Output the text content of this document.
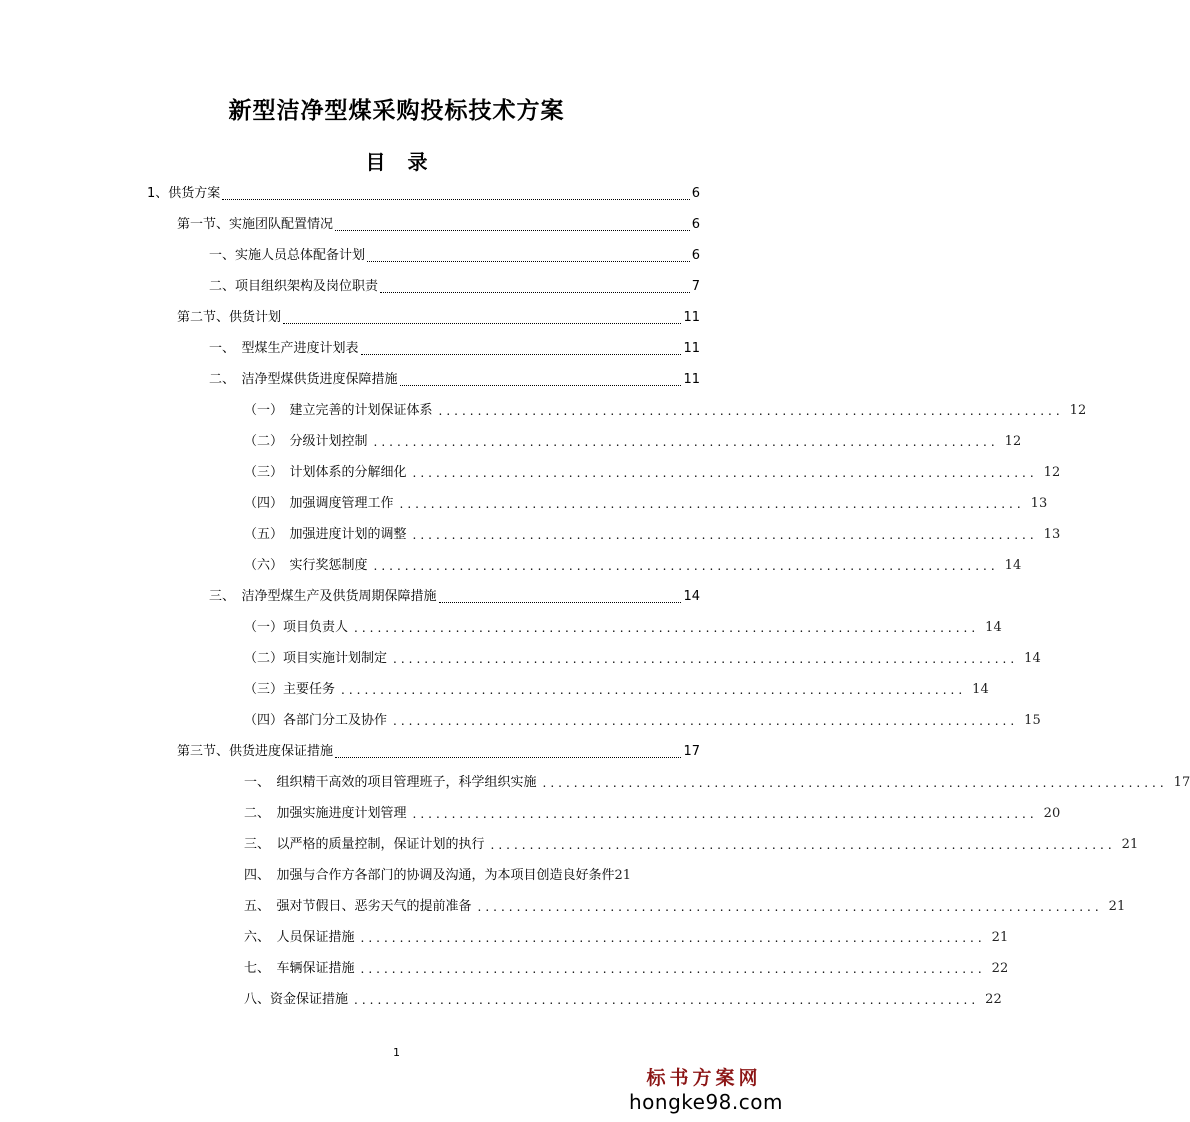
新型洁净型煤采购投标技术方案
目 录
1、供货方案	6
第一节、实施团队配置情况	6
一、实施人员总体配备计划	6
二、项目组织架构及岗位职责	7
第二节、供货计划	11
一、　型煤生产进度计划表	11
二、　洁净型煤供货进度保障措施	11
（一）　建立完善的计划保证体系 ................................................................................ 12
（二）　分级计划控制 ................................................................................ 12
（三）　计划体系的分解细化 ................................................................................ 12
（四）　加强调度管理工作 ................................................................................ 13
（五）　加强进度计划的调整 ................................................................................ 13
（六）　实行奖惩制度 ................................................................................ 14
三、　洁净型煤生产及供货周期保障措施	14
（一）项目负责人 ................................................................................ 14
（二）项目实施计划制定 ................................................................................ 14
（三）主要任务 ................................................................................ 14
（四）各部门分工及协作 ................................................................................ 15
第三节、供货进度保证措施	17
一、　组织精干高效的项目管理班子，科学组织实施 ................................................................................ 17
二、　加强实施进度计划管理 ................................................................................ 20
三、　以严格的质量控制，保证计划的执行 ................................................................................ 21
四、　加强与合作方各部门的协调及沟通，为本项目创造良好条件 21
五、　强对节假日、恶劣天气的提前准备 ................................................................................ 21
六、　人员保证措施 ................................................................................ 21
七、　车辆保证措施 ................................................................................ 22
八、资金保证措施 ................................................................................ 22
1
标书方案网
hongke98.com
